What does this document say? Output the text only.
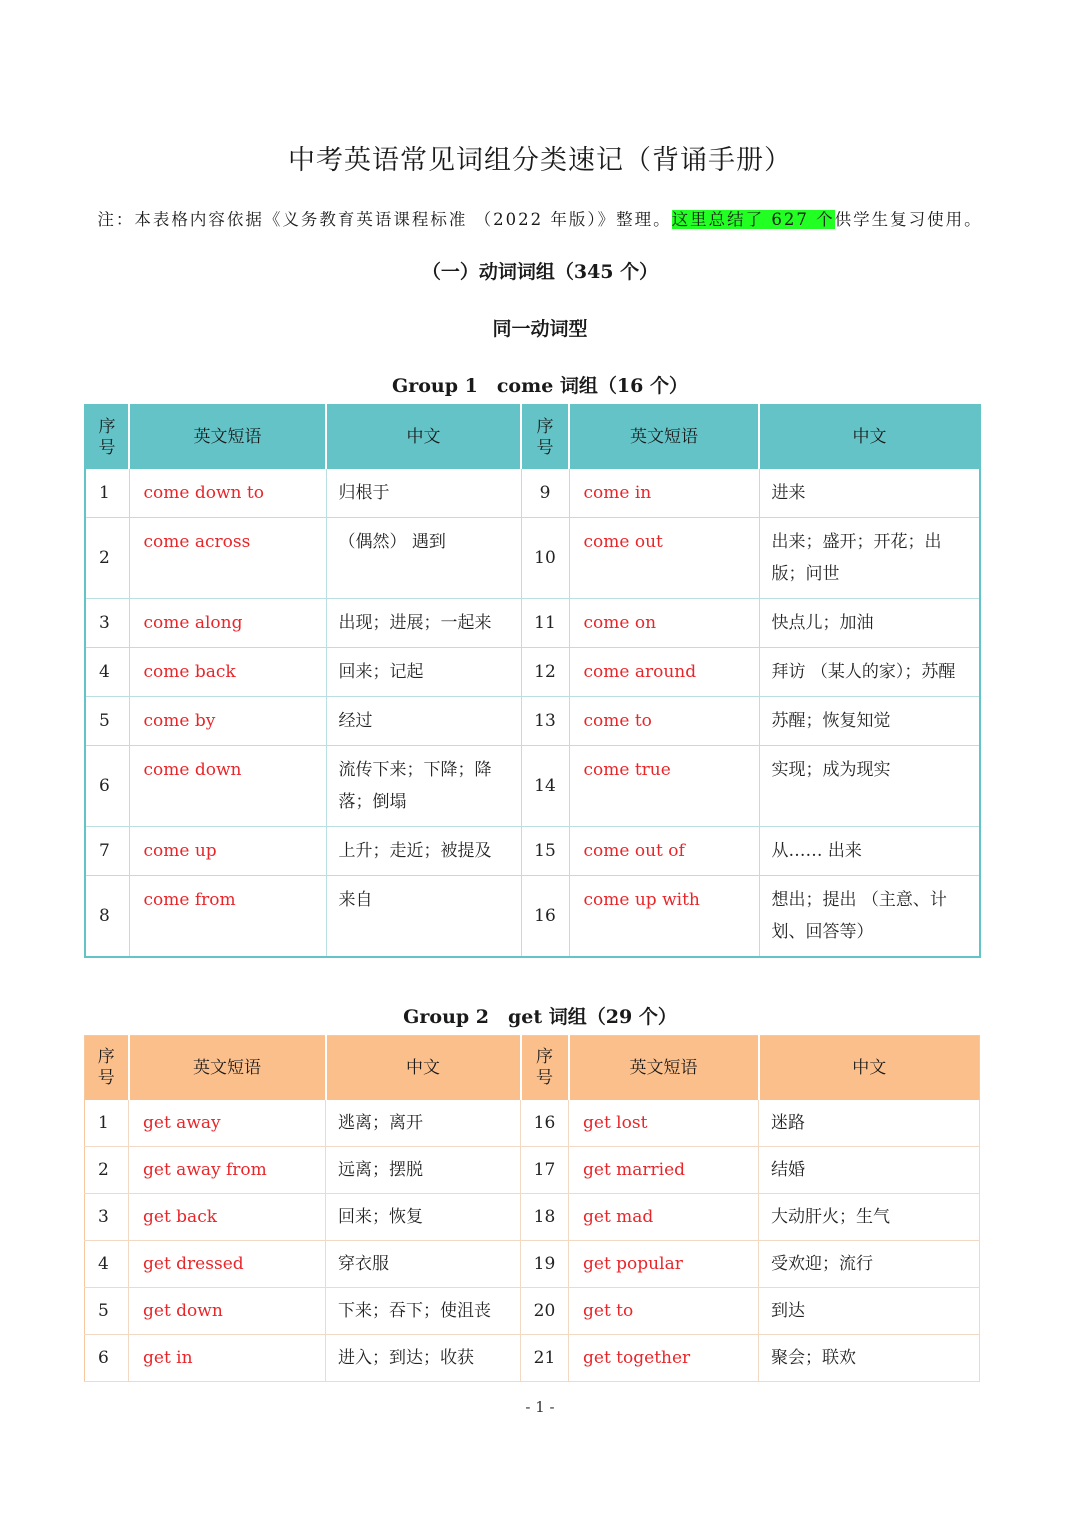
中考英语常见词组分类速记（背诵手册）
注：本表格内容依据《义务教育英语课程标准 （2022 年版）》整理。这里总结了 627 个供学生复习使用。
（一）动词词组（345 个）
同一动词型
Group 1　come 词组（16 个）
序号	英文短语	中文	序号	英文短语	中文
1	come down to	归根于	9	come in	进来
2	come across	（偶然） 遇到	10	come out	出来；盛开；开花；出版；问世
3	come along	出现；进展；一起来	11	come on	快点儿；加油
4	come back	回来；记起	12	come around	拜访 （某人的家）；苏醒
5	come by	经过	13	come to	苏醒；恢复知觉
6	come down	流传下来；下降；降落；倒塌	14	come true	实现；成为现实
7	come up	上升；走近；被提及	15	come out of	从…… 出来
8	come from	来自	16	come up with	想出；提出 （主意、计划、回答等）
Group 2　get 词组（29 个）
序号	英文短语	中文	序号	英文短语	中文
1	get away	逃离；离开	16	get lost	迷路
2	get away from	远离；摆脱	17	get married	结婚
3	get back	回来；恢复	18	get mad	大动肝火；生气
4	get dressed	穿衣服	19	get popular	受欢迎；流行
5	get down	下来；吞下；使沮丧	20	get to	到达
6	get in	进入；到达；收获	21	get together	聚会；联欢
- 1 -
